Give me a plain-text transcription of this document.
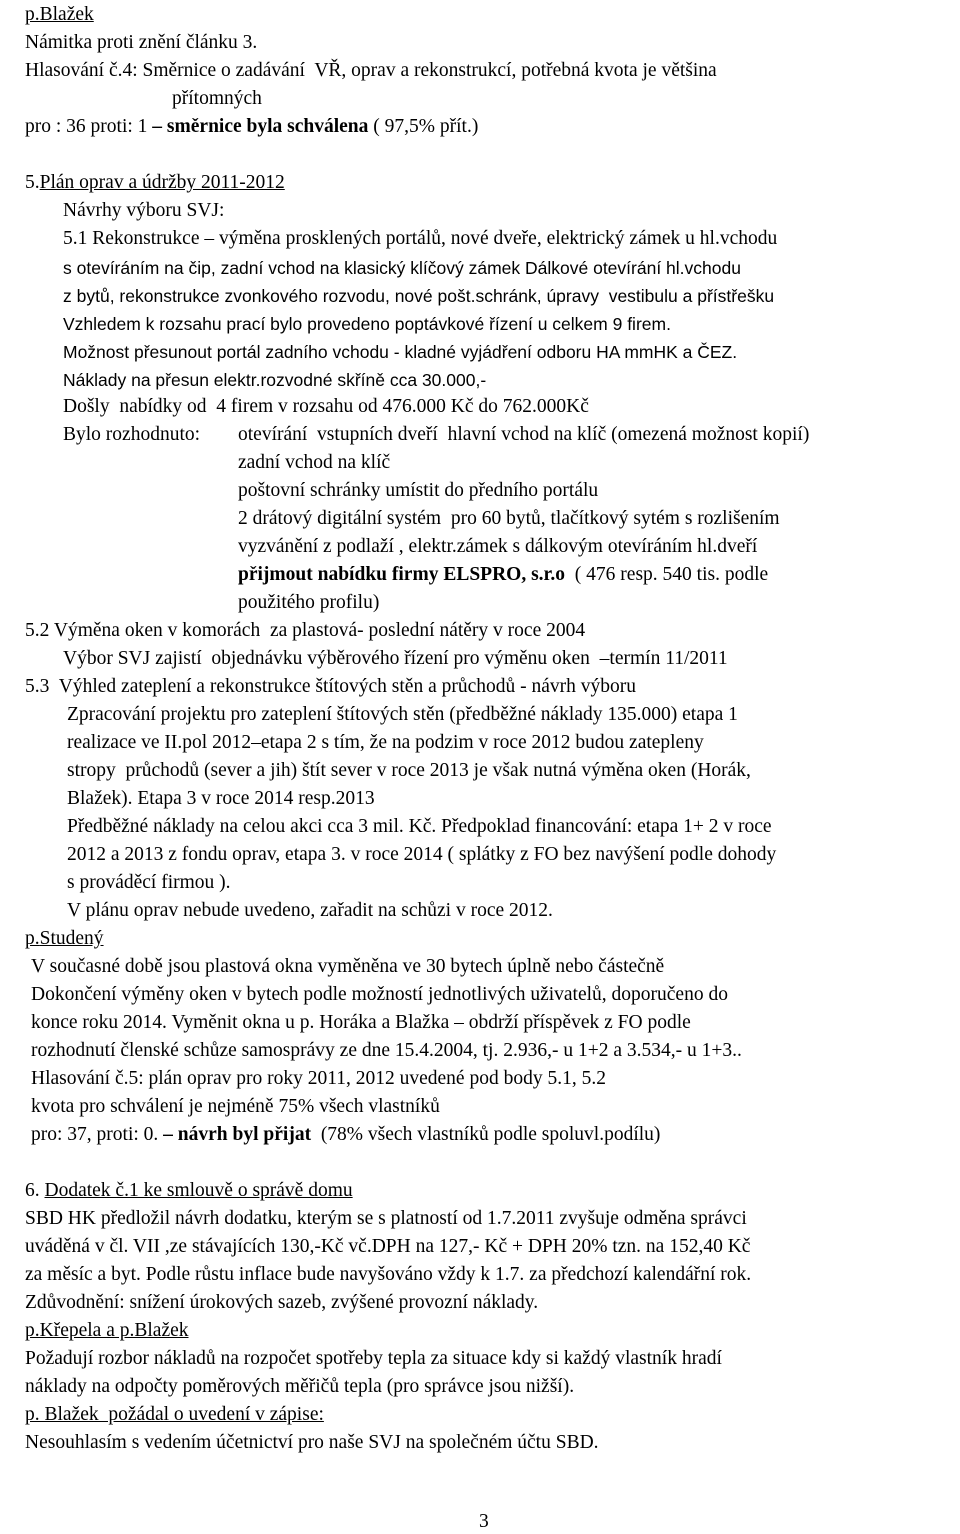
p.Blažek
Námitka proti znění článku 3.
Hlasování č.4: Směrnice o zadávání  VŘ, oprav a rekonstrukcí, potřebná kvota je většina
přítomných
pro : 36 proti: 1 – směrnice byla schválena ( 97,5% přít.)
5.Plán oprav a údržby 2011-2012
Návrhy výboru SVJ:
5.1 Rekonstrukce – výměna prosklených portálů, nové dveře, elektrický zámek u hl.vchodu
s otevíráním na čip, zadní vchod na klasický klíčový zámek Dálkové otevírání hl.vchodu
z bytů, rekonstrukce zvonkového rozvodu, nové pošt.schránk, úpravy  vestibulu a přístřešku
Vzhledem k rozsahu prací bylo provedeno poptávkové řízení u celkem 9 firem.
Možnost přesunout portál zadního vchodu - kladné vyjádření odboru HA mmHK a ČEZ.
Náklady na přesun elektr.rozvodné skříně cca 30.000,-
Došly  nabídky od  4 firem v rozsahu od 476.000 Kč do 762.000Kč
Bylo rozhodnuto: otevírání  vstupních dveří  hlavní vchod na klíč (omezená možnost kopií)
zadní vchod na klíč
poštovní schránky umístit do předního portálu
2 drátový digitální systém  pro 60 bytů, tlačítkový sytém s rozlišením
vyzvánění z podlaží , elektr.zámek s dálkovým otevíráním hl.dveří
přijmout nabídku firmy ELSPRO, s.r.o  ( 476 resp. 540 tis. podle
použitého profilu)
5.2 Výměna oken v komorách  za plastová- poslední nátěry v roce 2004
Výbor SVJ zajistí  objednávku výběrového řízení pro výměnu oken  –termín 11/2011
5.3  Výhled zateplení a rekonstrukce štítových stěn a průchodů - návrh výboru
Zpracování projektu pro zateplení štítových stěn (předběžné náklady 135.000) etapa 1
realizace ve II.pol 2012–etapa 2 s tím, že na podzim v roce 2012 budou zatepleny
stropy  průchodů (sever a jih) štít sever v roce 2013 je však nutná výměna oken (Horák,
Blažek). Etapa 3 v roce 2014 resp.2013
Předběžné náklady na celou akci cca 3 mil. Kč. Předpoklad financování: etapa 1+ 2 v roce
2012 a 2013 z fondu oprav, etapa 3. v roce 2014 ( splátky z FO bez navýšení podle dohody
s prováděcí firmou ).
V plánu oprav nebude uvedeno, zařadit na schůzi v roce 2012.
p.Studený
V současné době jsou plastová okna vyměněna ve 30 bytech úplně nebo částečně
Dokončení výměny oken v bytech podle možností jednotlivých uživatelů, doporučeno do
konce roku 2014. Vyměnit okna u p. Horáka a Blažka – obdrží příspěvek z FO podle
rozhodnutí členské schůze samosprávy ze dne 15.4.2004, tj. 2.936,- u 1+2 a 3.534,- u 1+3..
Hlasování č.5: plán oprav pro roky 2011, 2012 uvedené pod body 5.1, 5.2
kvota pro schválení je nejméně 75% všech vlastníků
pro: 37, proti: 0. – návrh byl přijat  (78% všech vlastníků podle spoluvl.podílu)
6. Dodatek č.1 ke smlouvě o správě domu
SBD HK předložil návrh dodatku, kterým se s platností od 1.7.2011 zvyšuje odměna správci
uváděná v čl. VII ,ze stávajících 130,-Kč vč.DPH na 127,- Kč + DPH 20% tzn. na 152,40 Kč
za měsíc a byt. Podle růstu inflace bude navyšováno vždy k 1.7. za předchozí kalendářní rok.
Zdůvodnění: snížení úrokových sazeb, zvýšené provozní náklady.
p.Křepela a p.Blažek
Požadují rozbor nákladů na rozpočet spotřeby tepla za situace kdy si každý vlastník hradí
náklady na odpočty poměrových měřičů tepla (pro správce jsou nižší).
p. Blažek  požádal o uvedení v zápise:
Nesouhlasím s vedením účetnictví pro naše SVJ na společném účtu SBD.
3
